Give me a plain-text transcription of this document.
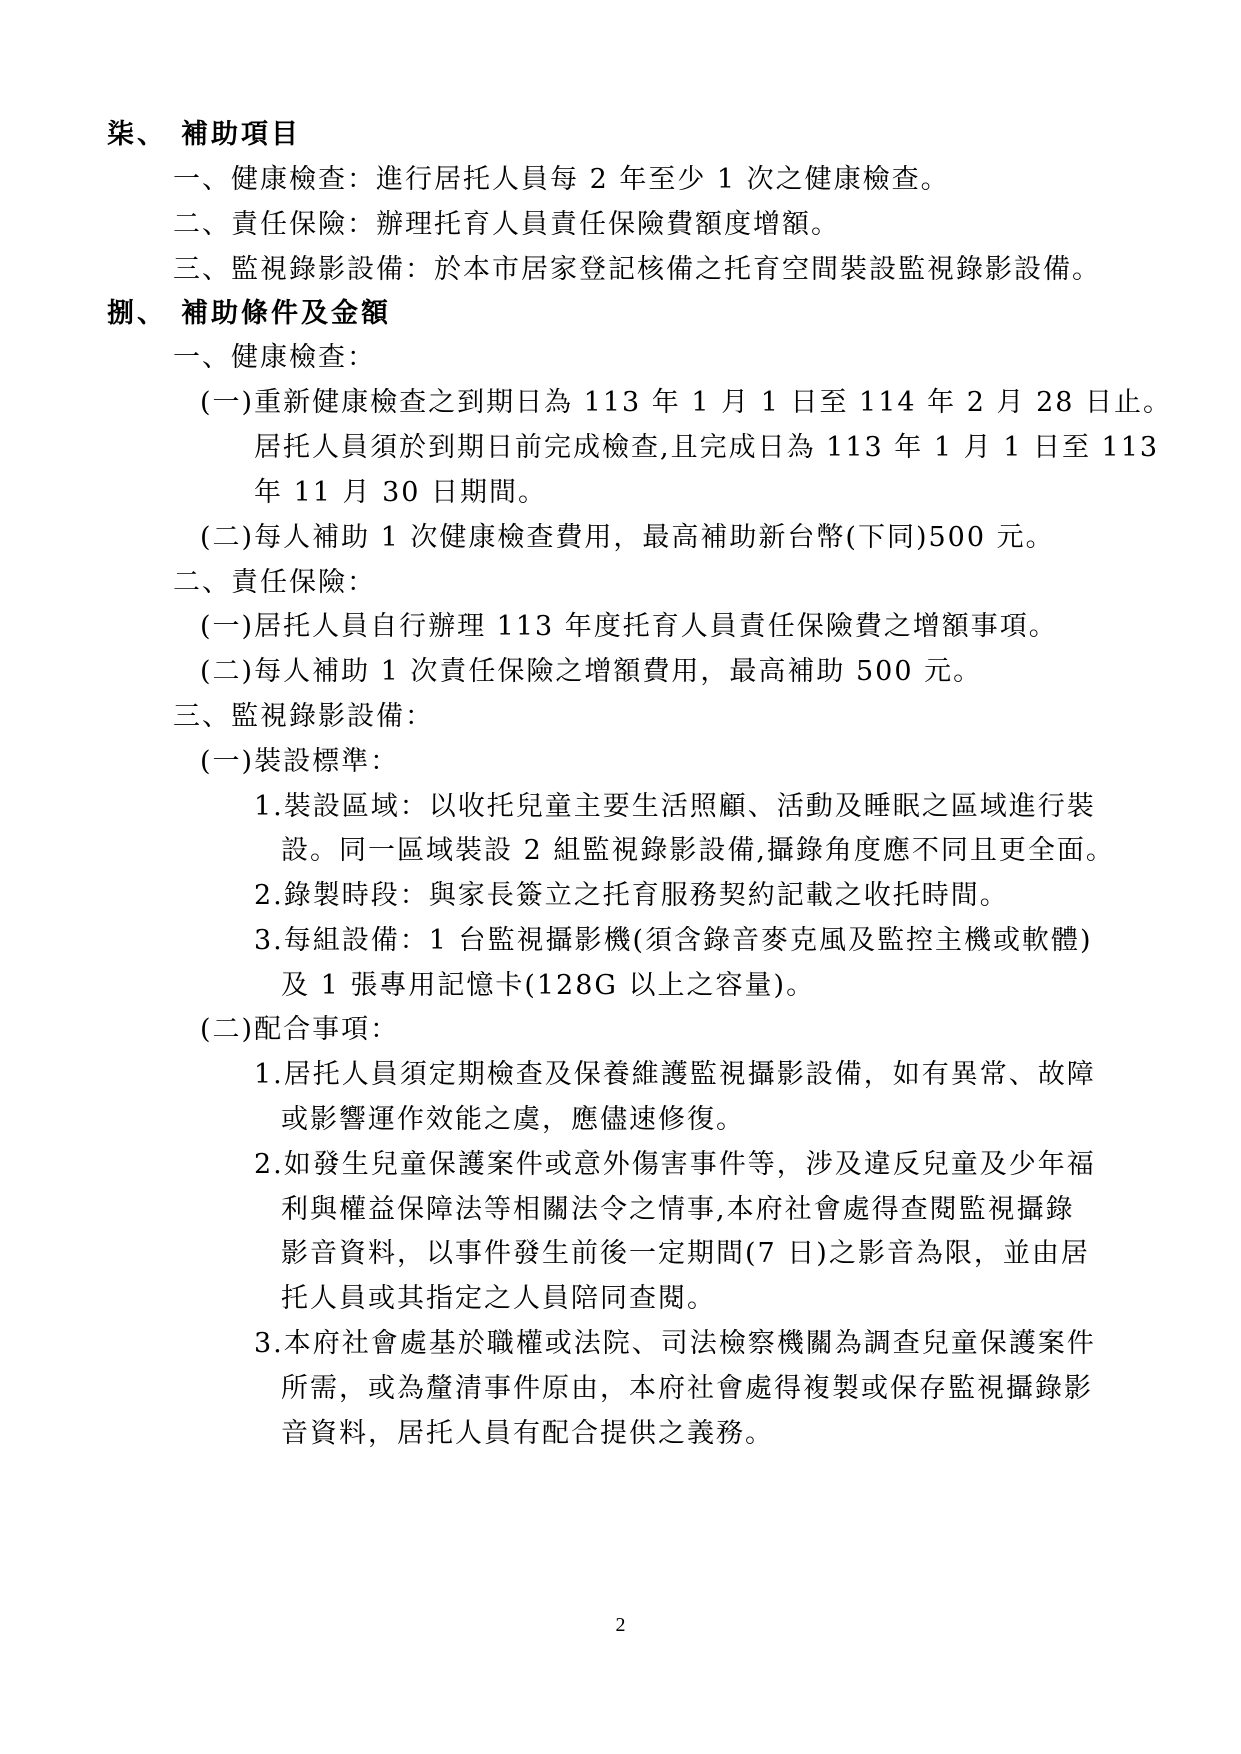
柒、 補助項目
一、健康檢查：進行居托人員每 2 年至少 1 次之健康檢查。
二、責任保險：辦理托育人員責任保險費額度增額。
三、監視錄影設備：於本市居家登記核備之托育空間裝設監視錄影設備。
捌、 補助條件及金額
一、健康檢查：
(一)重新健康檢查之到期日為 113 年 1 月 1 日至 114 年 2 月 28 日止。
居托人員須於到期日前完成檢查,且完成日為 113 年 1 月 1 日至 113
年 11 月 30 日期間。
(二)每人補助 1 次健康檢查費用，最高補助新台幣(下同)500 元。
二、責任保險：
(一)居托人員自行辦理 113 年度托育人員責任保險費之增額事項。
(二)每人補助 1 次責任保險之增額費用，最高補助 500 元。
三、監視錄影設備：
(一)裝設標準：
1.裝設區域：以收托兒童主要生活照顧、活動及睡眠之區域進行裝
設。同一區域裝設 2 組監視錄影設備,攝錄角度應不同且更全面。
2.錄製時段：與家長簽立之托育服務契約記載之收托時間。
3.每組設備：1 台監視攝影機(須含錄音麥克風及監控主機或軟體)
及 1 張專用記憶卡(128G 以上之容量)。
(二)配合事項：
1.居托人員須定期檢查及保養維護監視攝影設備，如有異常、故障
或影響運作效能之虞，應儘速修復。
2.如發生兒童保護案件或意外傷害事件等，涉及違反兒童及少年福
利與權益保障法等相關法令之情事,本府社會處得查閱監視攝錄
影音資料，以事件發生前後一定期間(7 日)之影音為限，並由居
托人員或其指定之人員陪同查閱。
3.本府社會處基於職權或法院、司法檢察機關為調查兒童保護案件
所需，或為釐清事件原由，本府社會處得複製或保存監視攝錄影
音資料，居托人員有配合提供之義務。
2
